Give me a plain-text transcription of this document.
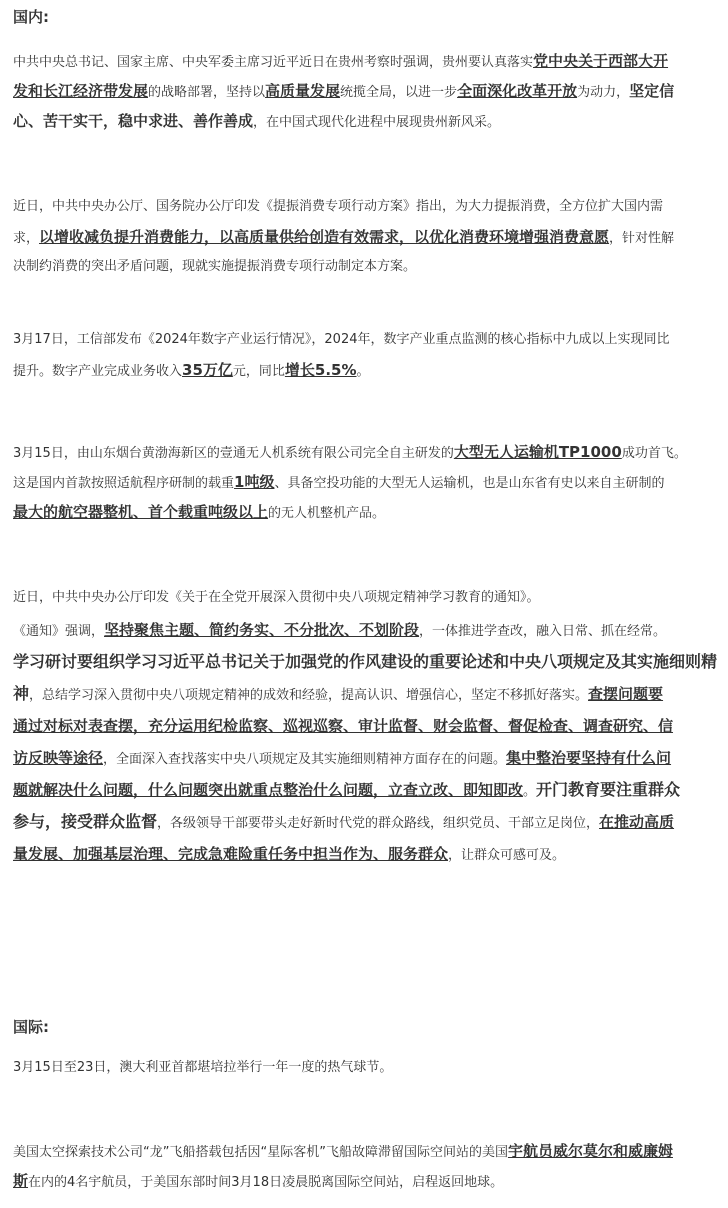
国内:
中共中央总书记、国家主席、中央军委主席习近平近日在贵州考察时强调，贵州要认真落实党中央关于西部大开
发和长江经济带发展的战略部署，坚持以高质量发展统揽全局，以进一步全面深化改革开放为动力，坚定信
心、苦干实干，稳中求进、善作善成，在中国式现代化进程中展现贵州新风采。
近日，中共中央办公厅、国务院办公厅印发《提振消费专项行动方案》指出，为大力提振消费，全方位扩大国内需
求，以增收减负提升消费能力，以高质量供给创造有效需求，以优化消费环境增强消费意愿，针对性解
决制约消费的突出矛盾问题，现就实施提振消费专项行动制定本方案。
3月17日，工信部发布《2024年数字产业运行情况》，2024年，数字产业重点监测的核心指标中九成以上实现同比
提升。数字产业完成业务收入35万亿元，同比增长5.5%。
3月15日，由山东烟台黄渤海新区的壹通无人机系统有限公司完全自主研发的大型无人运输机TP1000成功首飞。
这是国内首款按照适航程序研制的载重1吨级、具备空投功能的大型无人运输机，也是山东省有史以来自主研制的
最大的航空器整机、首个载重吨级以上的无人机整机产品。
近日，中共中央办公厅印发《关于在全党开展深入贯彻中央八项规定精神学习教育的通知》。
《通知》强调，坚持聚焦主题、简约务实、不分批次、不划阶段，一体推进学查改，融入日常、抓在经常。
学习研讨要组织学习习近平总书记关于加强党的作风建设的重要论述和中央八项规定及其实施细则精
神，总结学习深入贯彻中央八项规定精神的成效和经验，提高认识、增强信心，坚定不移抓好落实。查摆问题要
通过对标对表查摆，充分运用纪检监察、巡视巡察、审计监督、财会监督、督促检查、调查研究、信
访反映等途径，全面深入查找落实中央八项规定及其实施细则精神方面存在的问题。集中整治要坚持有什么问
题就解决什么问题，什么问题突出就重点整治什么问题，立查立改、即知即改。开门教育要注重群众
参与，接受群众监督，各级领导干部要带头走好新时代党的群众路线，组织党员、干部立足岗位，在推动高质
量发展、加强基层治理、完成急难险重任务中担当作为、服务群众，让群众可感可及。
国际:
3月15日至23日，澳大利亚首都堪培拉举行一年一度的热气球节。
美国太空探索技术公司“龙”飞船搭载包括因“星际客机”飞船故障滞留国际空间站的美国宇航员威尔莫尔和威廉姆
斯在内的4名宇航员，于美国东部时间3月18日凌晨脱离国际空间站，启程返回地球。
